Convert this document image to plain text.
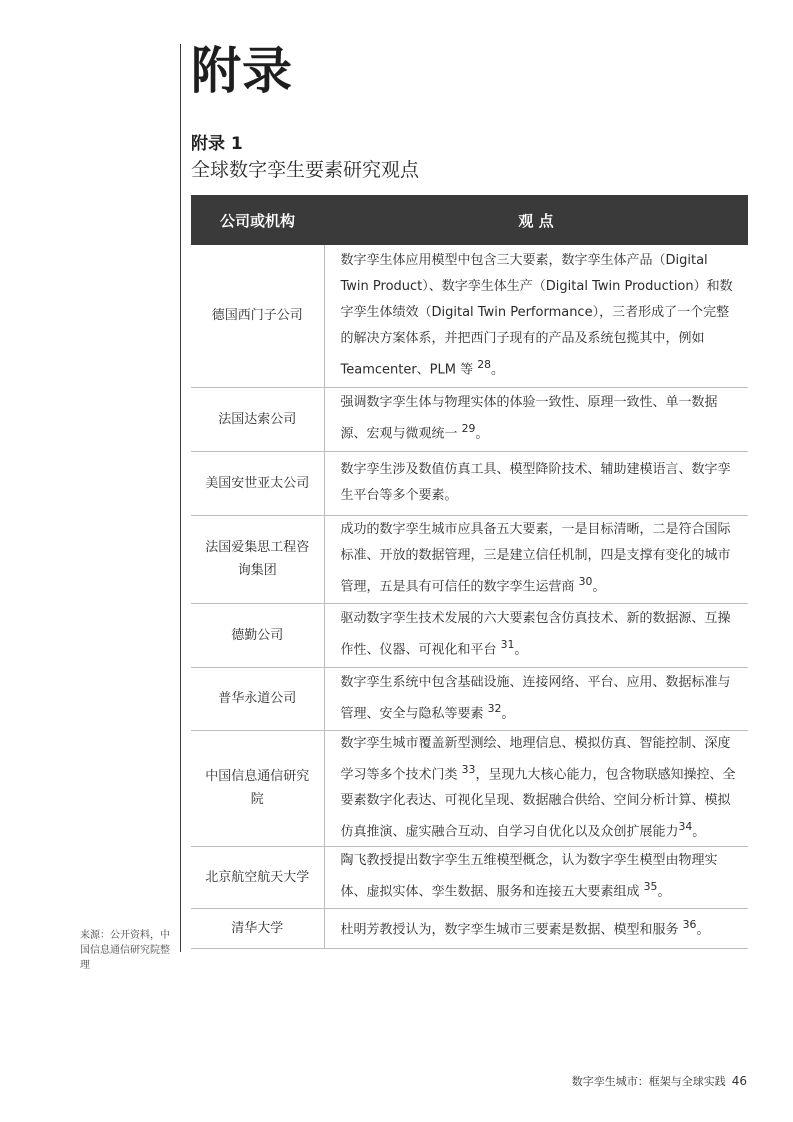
附录
附录 1
全球数字孪生要素研究观点
公司或机构	观 点
德国西门子公司	数字孪生体应用模型中包含三大要素，数字孪生体产品（Digital Twin Product）、数字孪生体生产（Digital Twin Production）和数字孪生体绩效（Digital Twin Performance），三者形成了一个完整的解决方案体系，并把西门子现有的产品及系统包揽其中，例如 Teamcenter、PLM 等 $^{28}$。
法国达索公司	强调数字孪生体与物理实体的体验一致性、原理一致性、单一数据源、宏观与微观统一 $^{29}$。
美国安世亚太公司	数字孪生涉及数值仿真工具、模型降阶技术、辅助建模语言、数字孪生平台等多个要素。
法国爱集思工程咨询集团	成功的数字孪生城市应具备五大要素，一是目标清晰，二是符合国际标准、开放的数据管理，三是建立信任机制，四是支撑有变化的城市管理，五是具有可信任的数字孪生运营商 $^{30}$。
德勤公司	驱动数字孪生技术发展的六大要素包含仿真技术、新的数据源、互操作性、仪器、可视化和平台 $^{31}$。
普华永道公司	数字孪生系统中包含基础设施、连接网络、平台、应用、数据标准与管理、安全与隐私等要素 $^{32}$。
中国信息通信研究院	数字孪生城市覆盖新型测绘、地理信息、模拟仿真、智能控制、深度学习等多个技术门类 $^{33}$，呈现九大核心能力，包含物联感知操控、全要素数字化表达、可视化呈现、数据融合供给、空间分析计算、模拟仿真推演、虚实融合互动、自学习自优化以及众创扩展能力$^{34}$。
北京航空航天大学	陶飞教授提出数字孪生五维模型概念，认为数字孪生模型由物理实体、虚拟实体、孪生数据、服务和连接五大要素组成 $^{35}$。
清华大学	杜明芳教授认为，数字孪生城市三要素是数据、模型和服务 $^{36}$。
来源：公开资料，中国信息通信研究院整理
数字孪生城市：框架与全球实践 46
